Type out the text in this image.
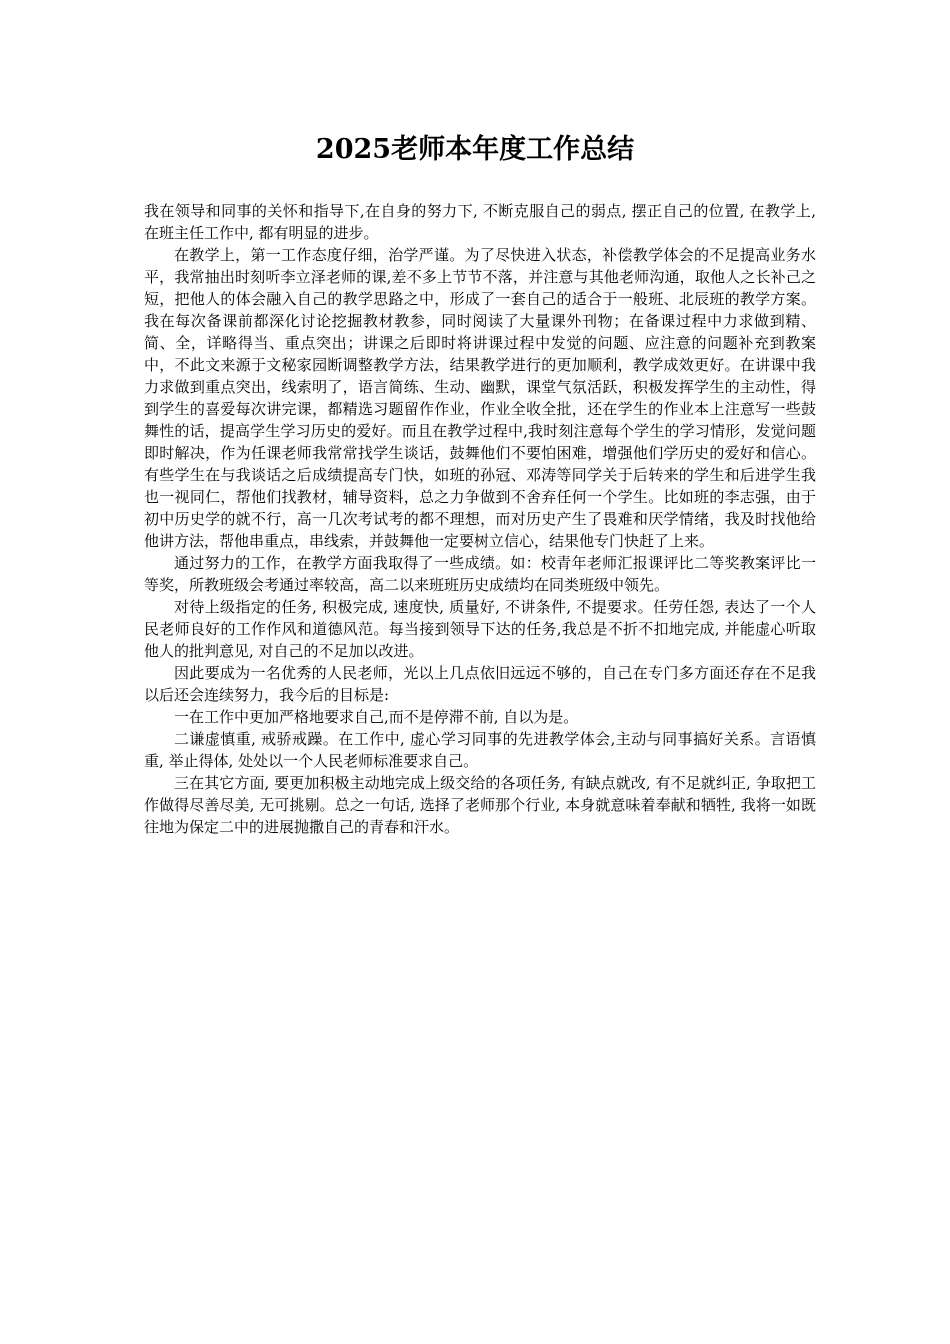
2025老师本年度工作总结

我在领导和同事的关怀和指导下,在自身的努力下, 不断克服自己的弱点, 摆正自己的位置, 在教学上, 在班主任工作中, 都有明显的进步。

在教学上，第一工作态度仔细，治学严谨。为了尽快进入状态，补偿教学体会的不足提高业务水平，我常抽出时刻听李立泽老师的课,差不多上节节不落，并注意与其他老师沟通，取他人之长补己之短，把他人的体会融入自己的教学思路之中，形成了一套自己的适合于一般班、北辰班的教学方案。我在每次备课前都深化讨论挖掘教材教参，同时阅读了大量课外刊物；在备课过程中力求做到精、简、全，详略得当、重点突出；讲课之后即时将讲课过程中发觉的问题、应注意的问题补充到教案中，不此文来源于文秘家园断调整教学方法，结果教学进行的更加顺利，教学成效更好。在讲课中我力求做到重点突出，线索明了，语言简练、生动、幽默，课堂气氛活跃，积极发挥学生的主动性，得到学生的喜爱每次讲完课，都精选习题留作作业，作业全收全批，还在学生的作业本上注意写一些鼓舞性的话，提高学生学习历史的爱好。而且在教学过程中,我时刻注意每个学生的学习情形，发觉问题即时解决，作为任课老师我常常找学生谈话，鼓舞他们不要怕困难，增强他们学历史的爱好和信心。有些学生在与我谈话之后成绩提高专门快，如班的孙冠、邓涛等同学关于后转来的学生和后进学生我也一视同仁，帮他们找教材，辅导资料，总之力争做到不舍弃任何一个学生。比如班的李志强，由于初中历史学的就不行，高一几次考试考的都不理想，而对历史产生了畏难和厌学情绪，我及时找他给他讲方法，帮他串重点，串线索，并鼓舞他一定要树立信心，结果他专门快赶了上来。

通过努力的工作，在教学方面我取得了一些成绩。如：校青年老师汇报课评比二等奖教案评比一等奖，所教班级会考通过率较高，高二以来班班历史成绩均在同类班级中领先。

对待上级指定的任务, 积极完成, 速度快, 质量好, 不讲条件, 不提要求。任劳任怨, 表达了一个人民老师良好的工作作风和道德风范。每当接到领导下达的任务,我总是不折不扣地完成, 并能虚心听取他人的批判意见, 对自己的不足加以改进。

因此要成为一名优秀的人民老师，光以上几点依旧远远不够的，自己在专门多方面还存在不足我以后还会连续努力，我今后的目标是:

一在工作中更加严格地要求自己,而不是停滞不前, 自以为是。

二谦虚慎重, 戒骄戒躁。在工作中, 虚心学习同事的先进教学体会,主动与同事搞好关系。言语慎重, 举止得体, 处处以一个人民老师标准要求自己。

三在其它方面, 要更加积极主动地完成上级交给的各项任务, 有缺点就改, 有不足就纠正, 争取把工作做得尽善尽美, 无可挑剔。总之一句话, 选择了老师那个行业, 本身就意味着奉献和牺牲, 我将一如既往地为保定二中的进展抛撒自己的青春和汗水。
